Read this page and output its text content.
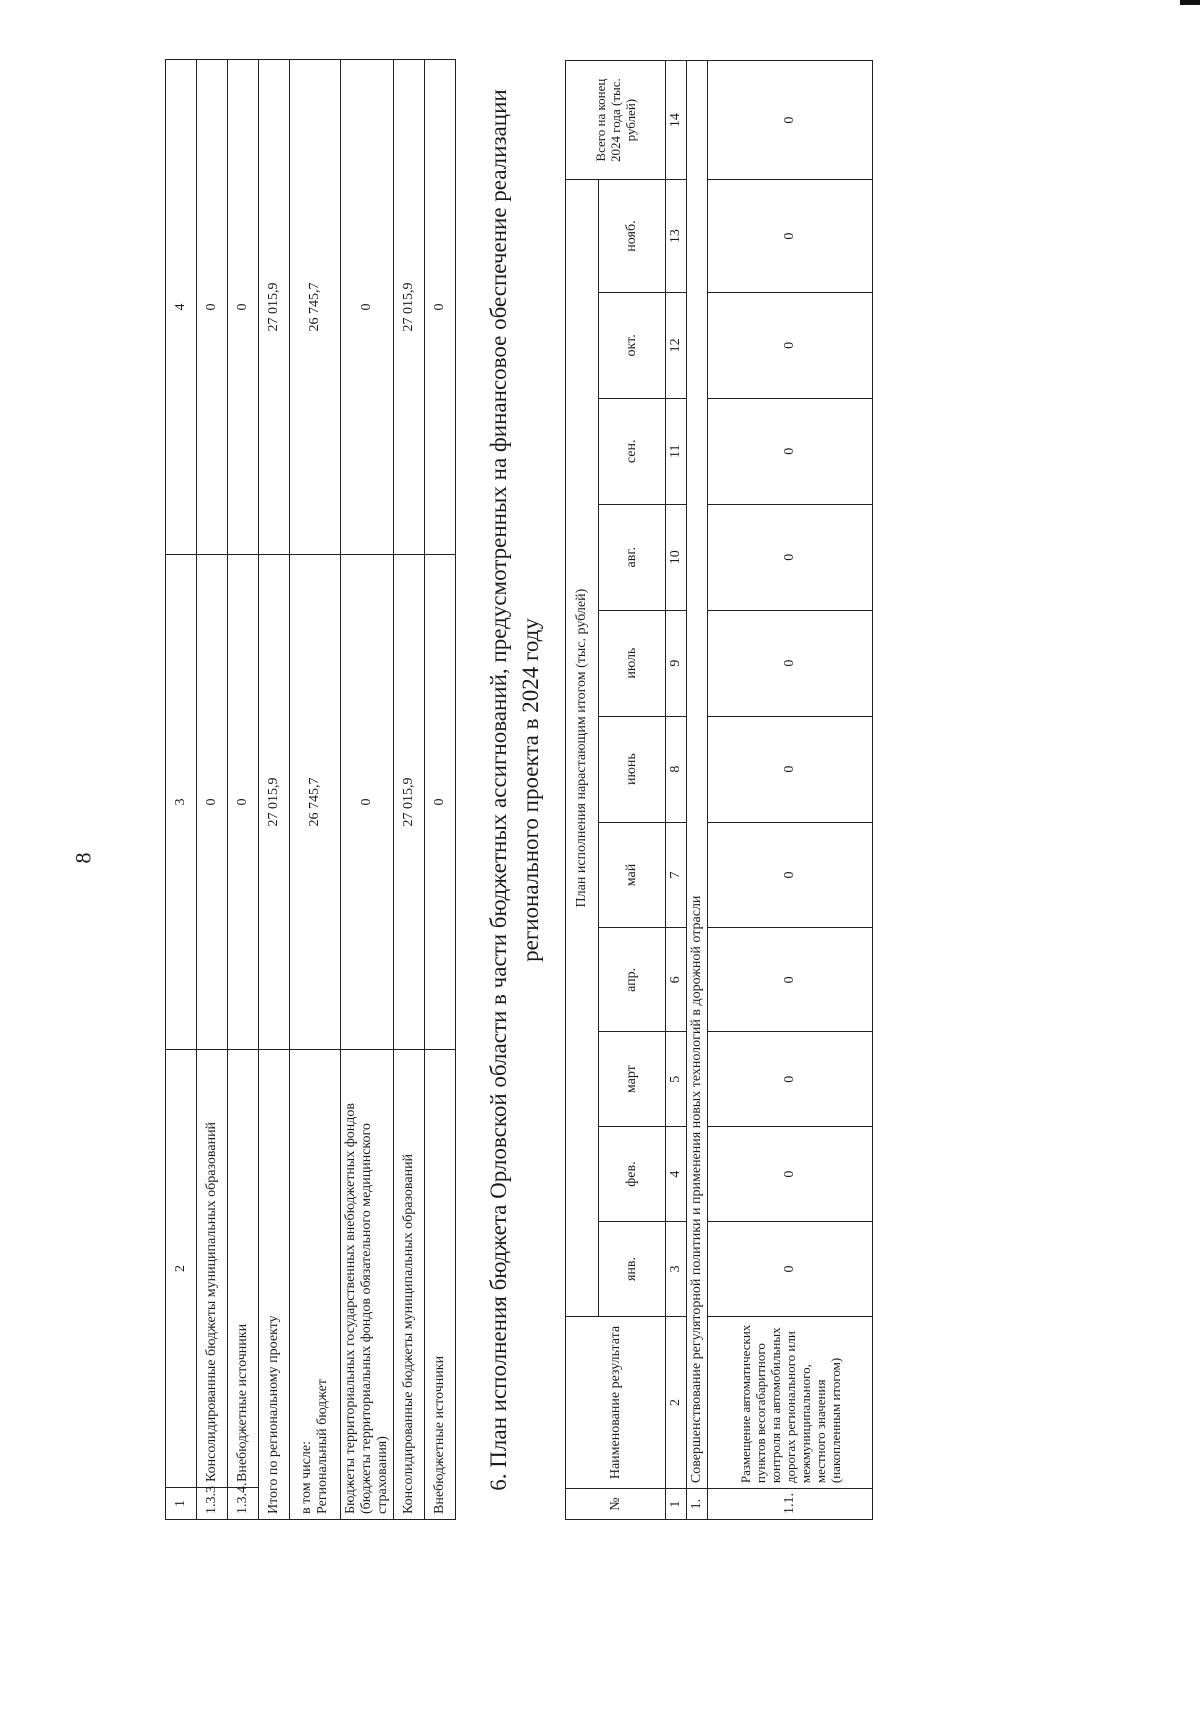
8
1	2	3	4
1.3.3	Консолидированные бюджеты муниципальных образований	0	0
1.3.4.	Внебюджетные источники	0	0
Итого по региональному проекту		27 015,9	27 015,9

в том числе: Региональный бюджет		26 745,7	26 745,7
Бюджеты территориальных государственных внебюджетных фондов (бюджеты территориальных фондов обязательного медицинского страхования)		0	0
Консолидированные бюджеты муниципальных образований		27 015,9	27 015,9
Внебюджетные источники		0	0 6. План исполнения бюджета Орловской области в части бюджетных ассигнований, предусмотренных на финансовое обеспечение реализации регионального проекта в 2024 году
№	Наименование результата	План исполнения нарастающим итогом (тыс. рублей)											Всего на конец 2024 года (тыс. рублей)
		янв.	фев.	март	апр.	май	июнь	июль	авг.	сен.	окт.	нояб.	
1	2	3	4	5	6	7	8	9	10	11	12	13	14
1.	Совершенствование регуляторной политики и применения новых технологий в дорожной отрасли												
1.1.	Размещение автоматических пунктов весогабаритного контроля на автомобильных дорогах регионального или межмуниципального, местного значения (накопленным итогом)	0	0	0	0	0	0	0	0	0	0	0	0
